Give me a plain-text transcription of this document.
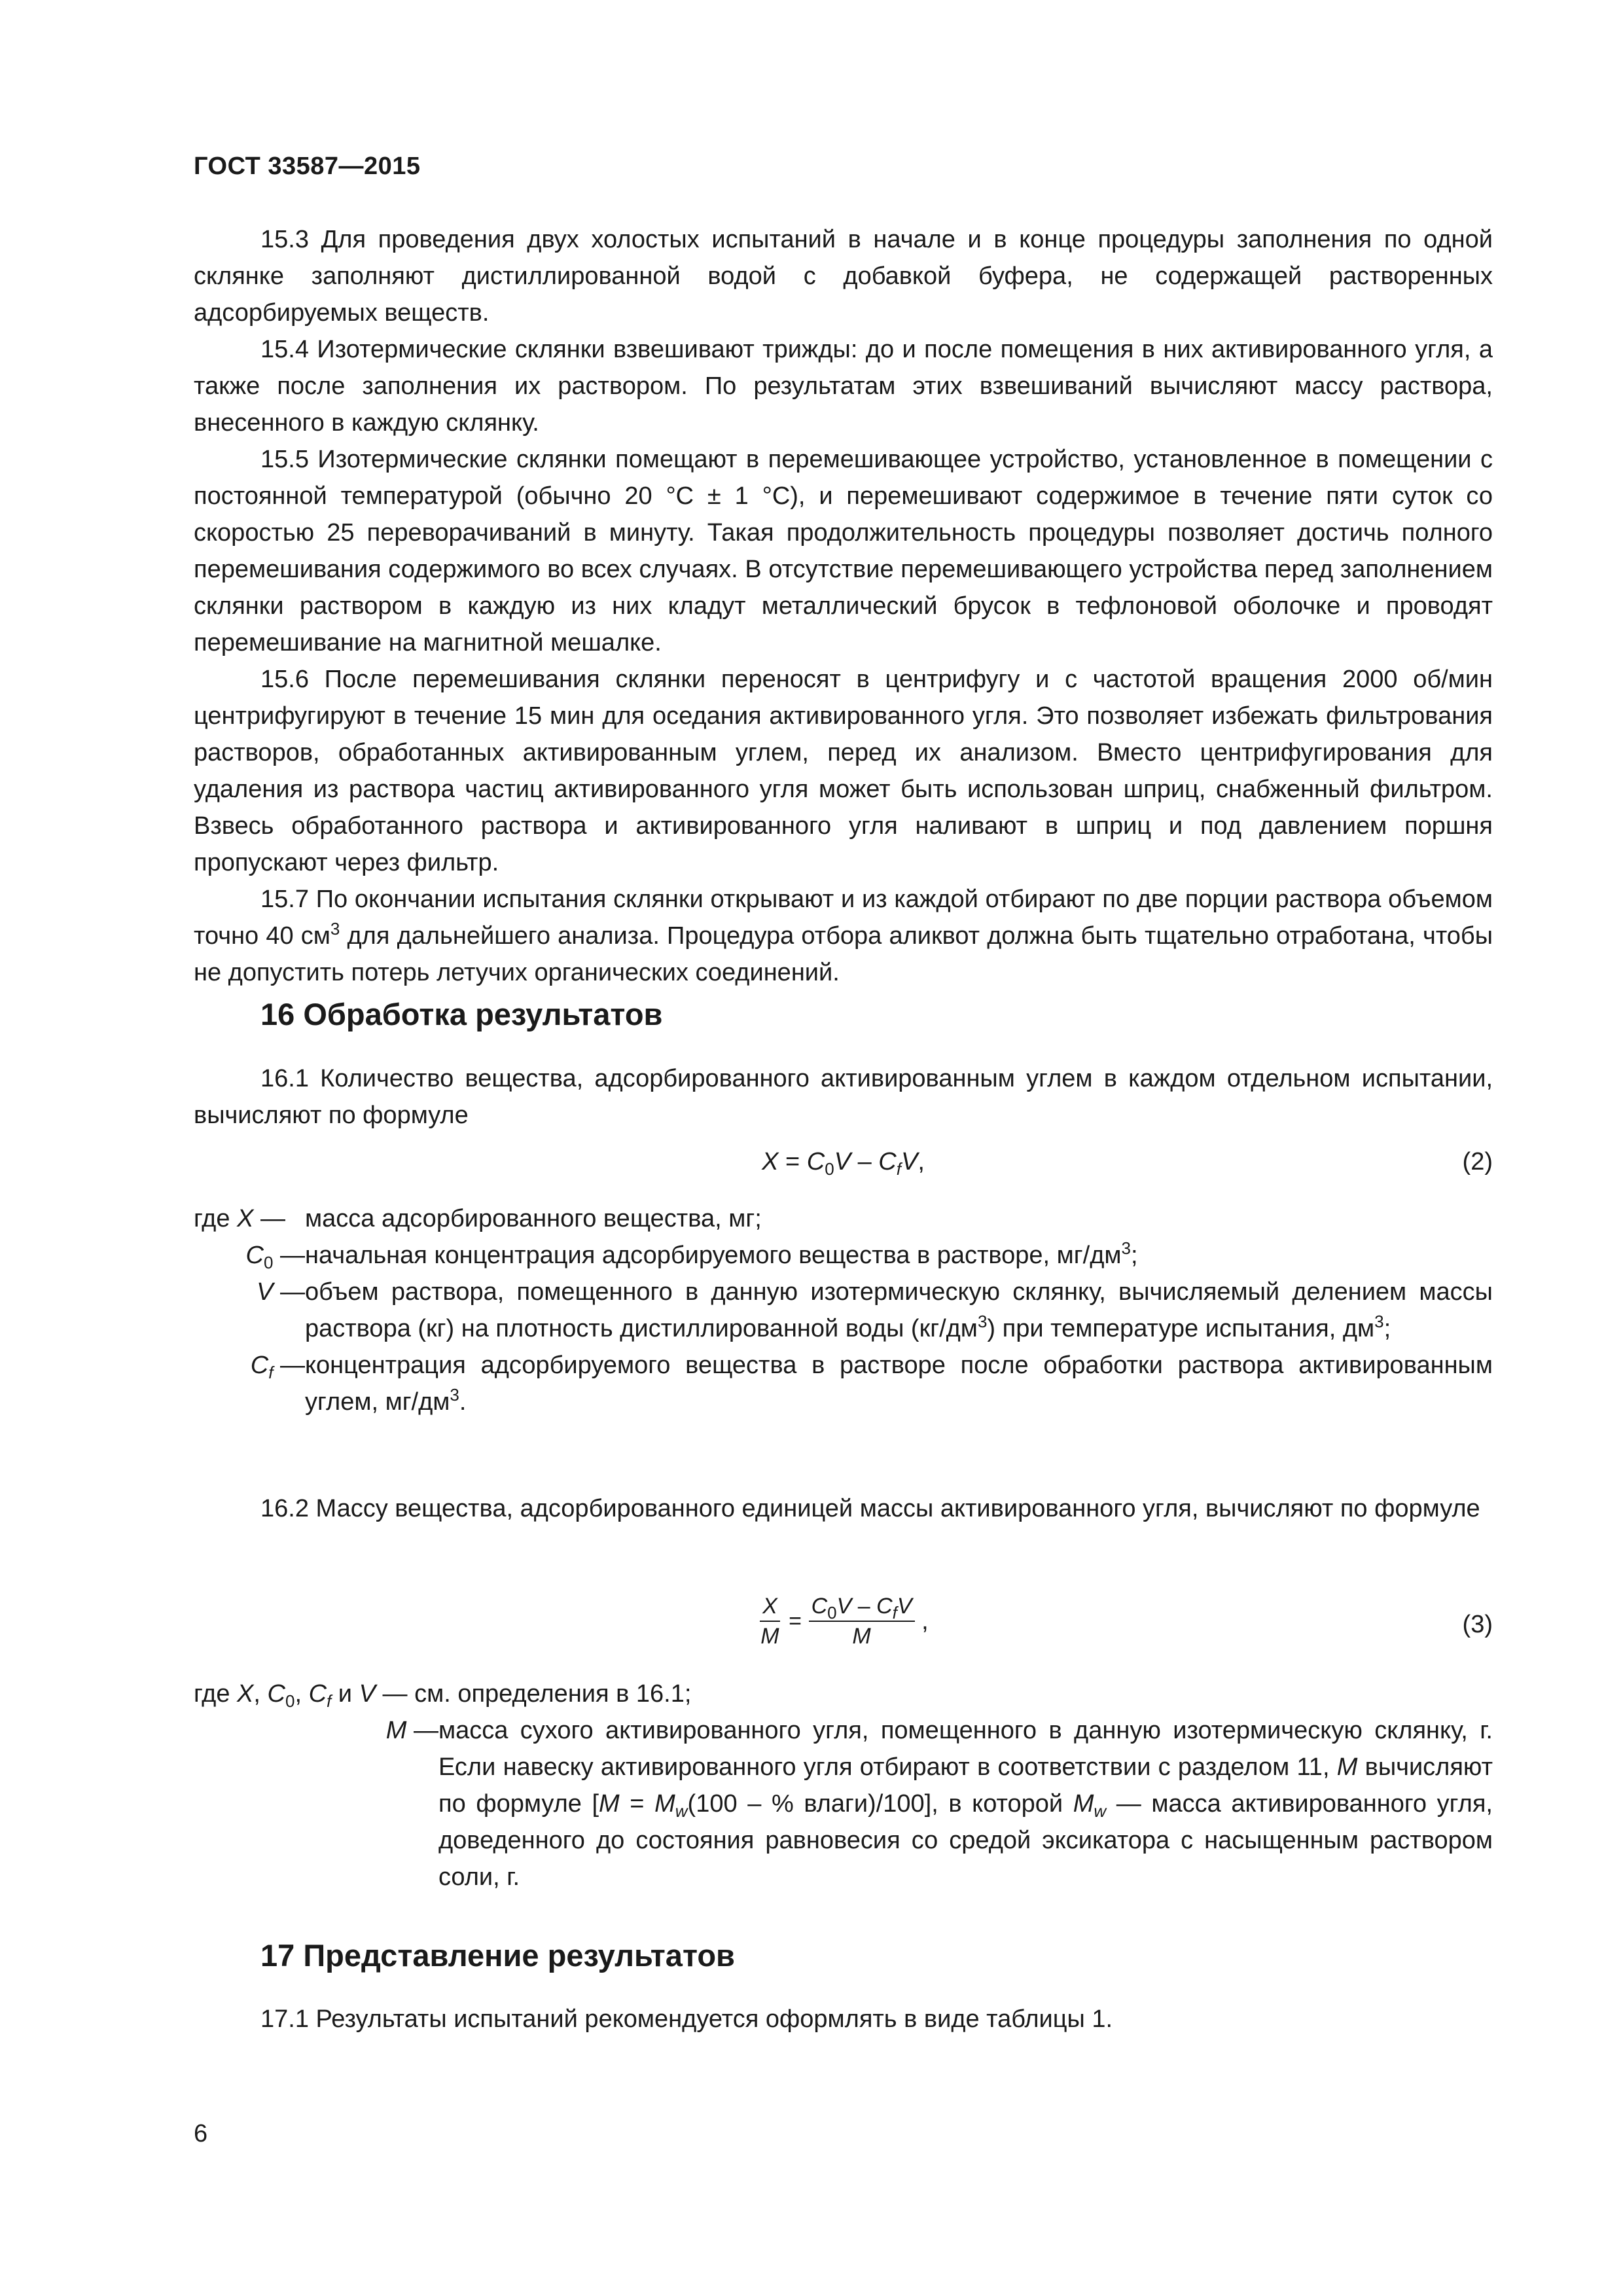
ГОСТ 33587—2015

15.3 Для проведения двух холостых испытаний в начале и в конце процедуры заполнения по одной склянке заполняют дистиллированной водой с добавкой буфера, не содержащей растворенных адсорбируемых веществ.

15.4 Изотермические склянки взвешивают трижды: до и после помещения в них активированного угля, а также после заполнения их раствором. По результатам этих взвешиваний вычисляют массу раствора, внесенного в каждую склянку.

15.5 Изотермические склянки помещают в перемешивающее устройство, установленное в помещении с постоянной температурой (обычно 20 °С ± 1 °С), и перемешивают содержимое в течение пяти суток со скоростью 25 переворачиваний в минуту. Такая продолжительность процедуры позволяет достичь полного перемешивания содержимого во всех случаях. В отсутствие перемешивающего устройства перед заполнением склянки раствором в каждую из них кладут металлический брусок в тефлоновой оболочке и проводят перемешивание на магнитной мешалке.

15.6 После перемешивания склянки переносят в центрифугу и с частотой вращения 2000 об/мин центрифугируют в течение 15 мин для оседания активированного угля. Это позволяет избежать фильтрования растворов, обработанных активированным углем, перед их анализом. Вместо центрифугирования для удаления из раствора частиц активированного угля может быть использован шприц, снабженный фильтром. Взвесь обработанного раствора и активированного угля наливают в шприц и под давлением поршня пропускают через фильтр.

15.7 По окончании испытания склянки открывают и из каждой отбирают по две порции раствора объемом точно 40 $см^3$ для дальнейшего анализа. Процедура отбора аликвот должна быть тщательно отработана, чтобы не допустить потерь летучих органических соединений.

16 Обработка результатов

16.1 Количество вещества, адсорбированного активированным углем в каждом отдельном испытании, вычисляют по формуле

$X = C_0V - C_fV$,	(2)
где X — масса адсорбированного вещества, мг;
$C_0$ — начальная концентрация адсорбируемого вещества в растворе, $мг/дм^3$;
V — объем раствора, помещенного в данную изотермическую склянку, вычисляемый делением массы раствора (кг) на плотность дистиллированной воды $(кг/дм^3)$ при температуре испытания, $дм^3$;
$C_f$ — концентрация адсорбируемого вещества в растворе после обработки раствора активированным углем, $мг/дм^3$.

16.2 Массу вещества, адсорбированного единицей массы активированного угля, вычисляют по формуле

$\frac{X}{M} = \frac{C_0V - C_fV}{M}$ ,	(3)
где X, $C_0$, $C_f$ и V — см. определения в 16.1;
M — масса сухого активированного угля, помещенного в данную изотермическую склянку, г. Если навеску активированного угля отбирают в соответствии с разделом 11, M вычисляют по формуле [$M = M_w(100$ – % влаги)/100], в которой $M_w$ — масса активированного угля, доведенного до состояния равновесия со средой эксикатора с насыщенным раствором соли, г.
17 Представление результатов

17.1 Результаты испытаний рекомендуется оформлять в виде таблицы 1.

6
